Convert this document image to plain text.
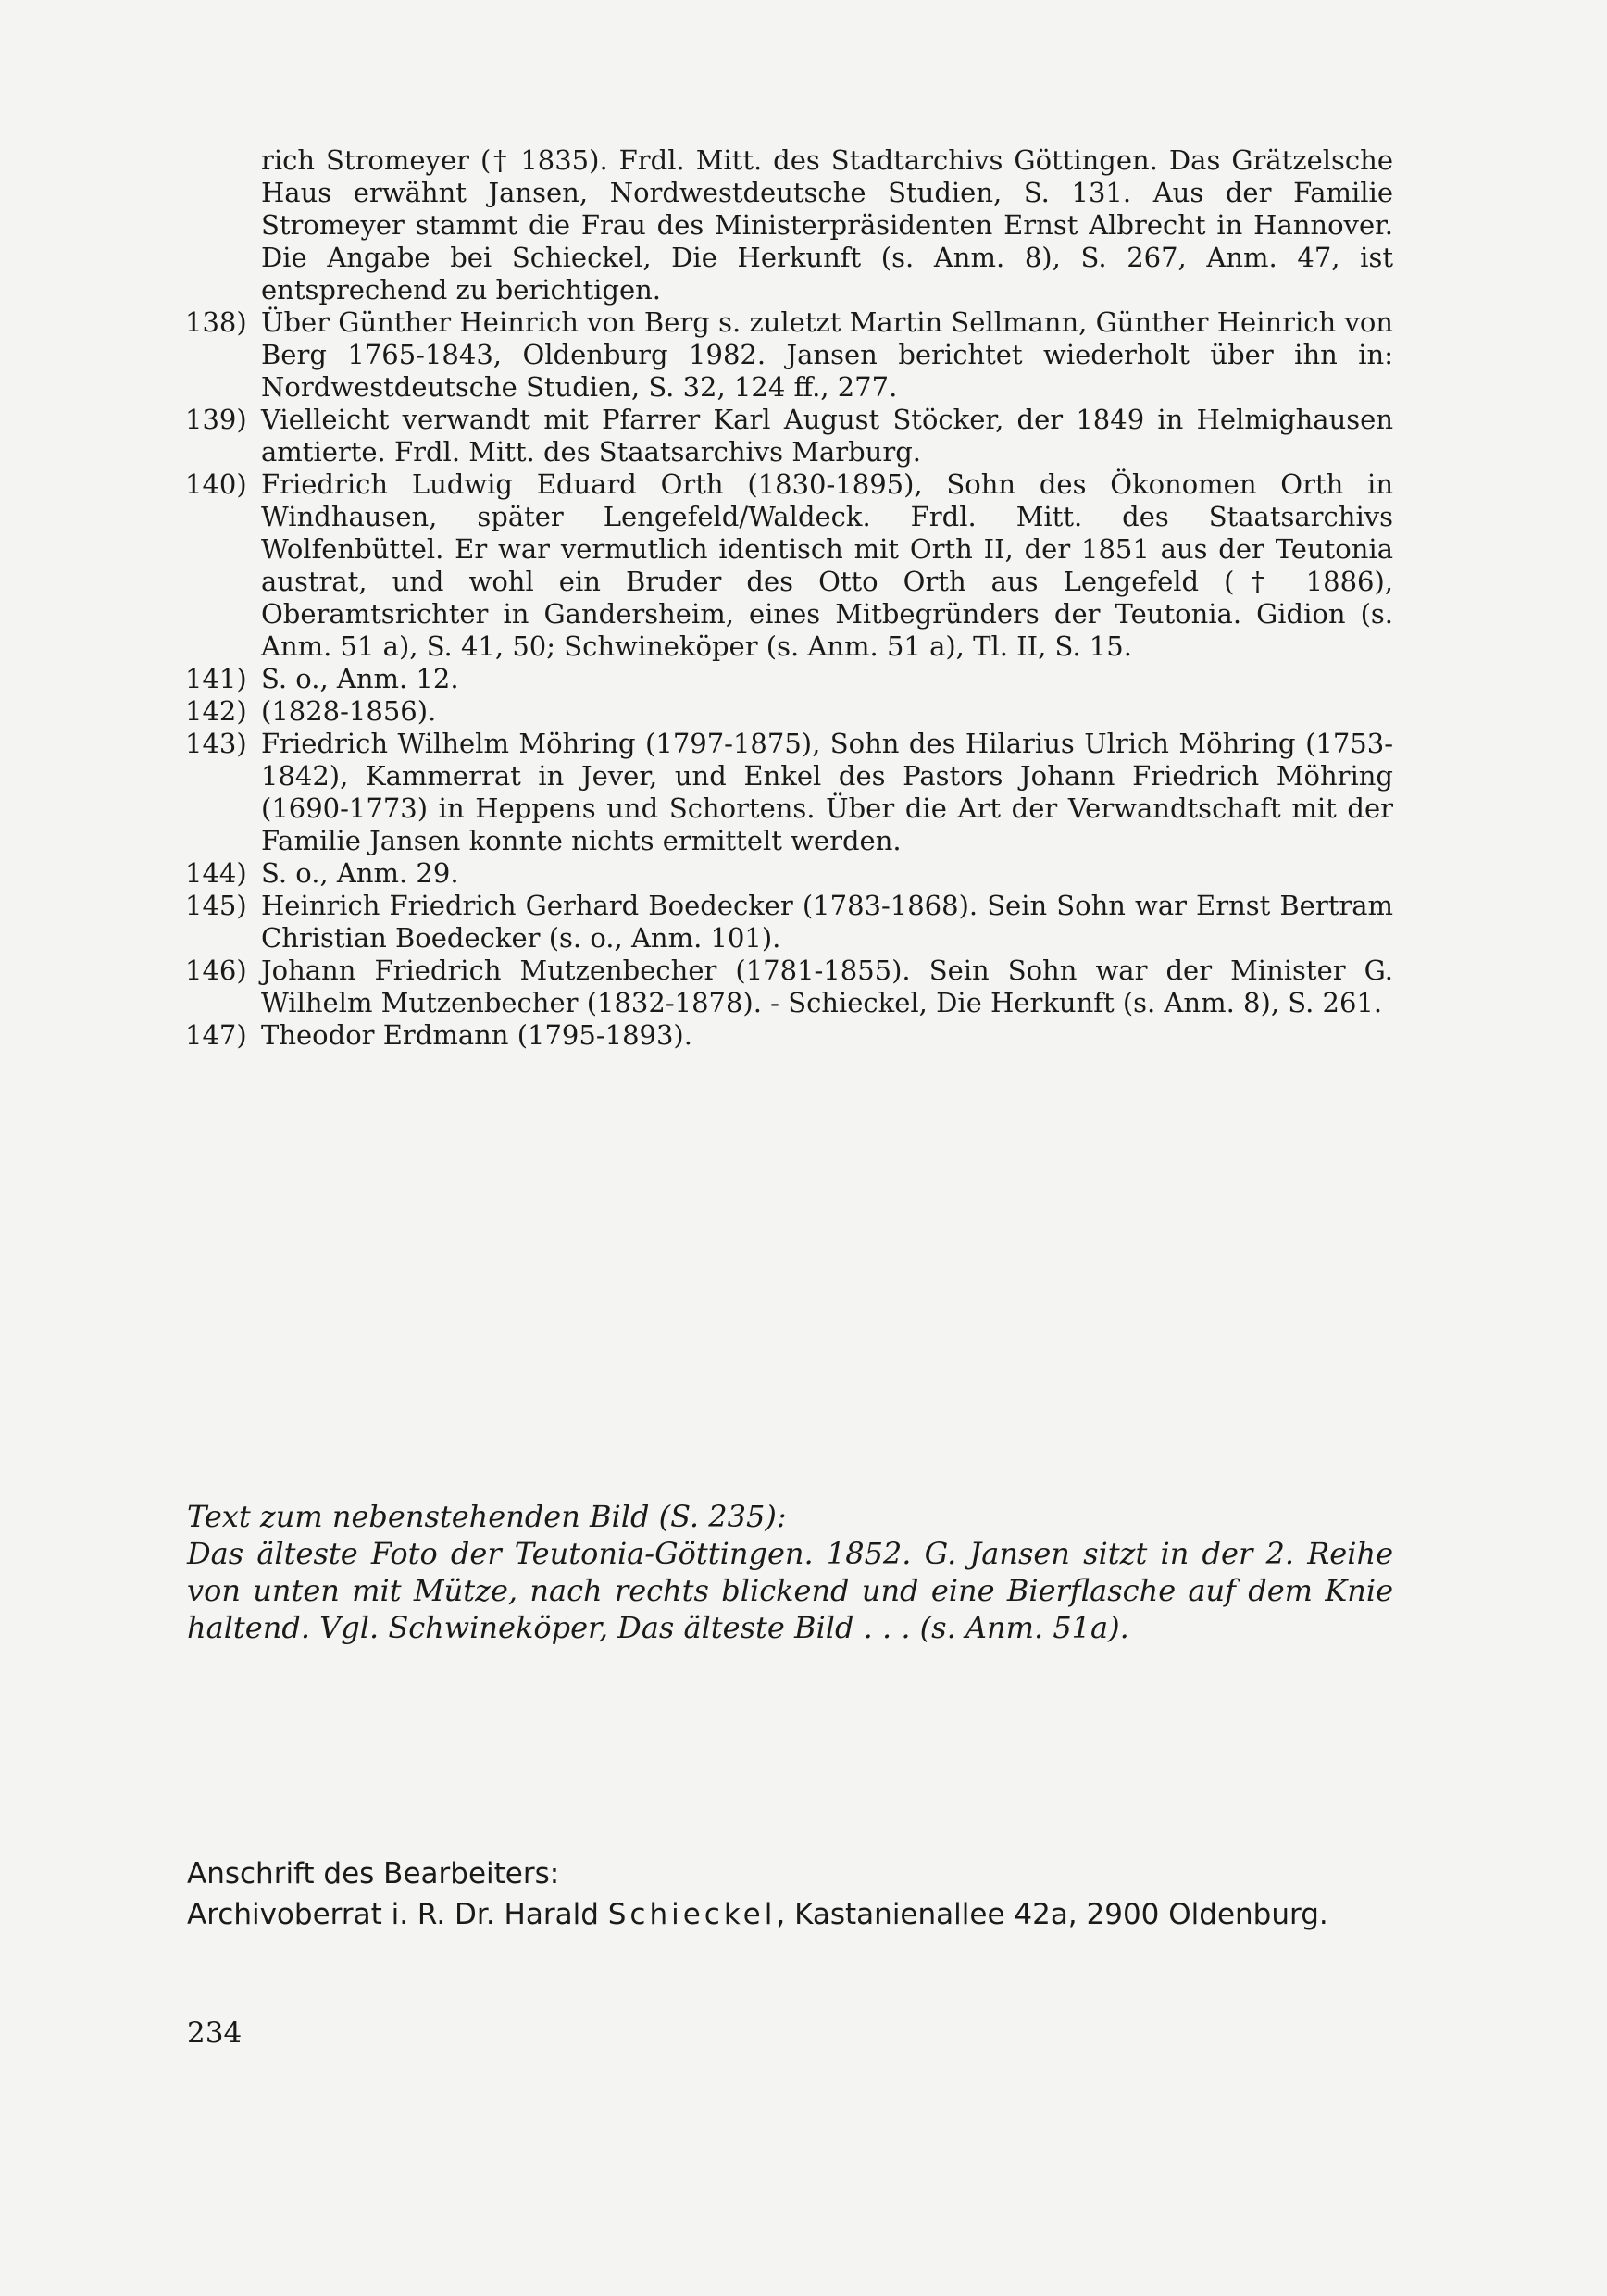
rich Stromeyer († 1835). Frdl. Mitt. des Stadtarchivs Göttingen. Das Grätzelsche Haus erwähnt Jansen, Nordwestdeutsche Studien, S. 131. Aus der Familie Stromeyer stammt die Frau des Ministerpräsidenten Ernst Albrecht in Hannover. Die Angabe bei Schieckel, Die Herkunft (s. Anm. 8), S. 267, Anm. 47, ist entsprechend zu berichtigen.

138) Über Günther Heinrich von Berg s. zuletzt Martin Sellmann, Günther Heinrich von Berg 1765-1843, Oldenburg 1982. Jansen berichtet wiederholt über ihn in: Nordwestdeutsche Studien, S. 32, 124 ff., 277.

139) Vielleicht verwandt mit Pfarrer Karl August Stöcker, der 1849 in Helmighausen amtierte. Frdl. Mitt. des Staatsarchivs Marburg.

140) Friedrich Ludwig Eduard Orth (1830-1895), Sohn des Ökonomen Orth in Windhausen, später Lengefeld/Waldeck. Frdl. Mitt. des Staatsarchivs Wolfenbüttel. Er war vermutlich identisch mit Orth II, der 1851 aus der Teutonia austrat, und wohl ein Bruder des Otto Orth aus Lengefeld († 1886), Oberamtsrichter in Gandersheim, eines Mitbegründers der Teutonia. Gidion (s. Anm. 51 a), S. 41, 50; Schwineköper (s. Anm. 51 a), Tl. II, S. 15.

141) S. o., Anm. 12.

142) (1828-1856).

143) Friedrich Wilhelm Möhring (1797-1875), Sohn des Hilarius Ulrich Möhring (1753-1842), Kammerrat in Jever, und Enkel des Pastors Johann Friedrich Möhring (1690-1773) in Heppens und Schortens. Über die Art der Verwandtschaft mit der Familie Jansen konnte nichts ermittelt werden.

144) S. o., Anm. 29.

145) Heinrich Friedrich Gerhard Boedecker (1783-1868). Sein Sohn war Ernst Bertram Christian Boedecker (s. o., Anm. 101).

146) Johann Friedrich Mutzenbecher (1781-1855). Sein Sohn war der Minister G. Wilhelm Mutzenbecher (1832-1878). - Schieckel, Die Herkunft (s. Anm. 8), S. 261.

147) Theodor Erdmann (1795-1893).

Text zum nebenstehenden Bild (S. 235):

Das älteste Foto der Teutonia-Göttingen. 1852. G. Jansen sitzt in der 2. Reihe von unten mit Mütze, nach rechts blickend und eine Bierflasche auf dem Knie haltend. Vgl. Schwineköper, Das älteste Bild . . . (s. Anm. 51a).

Anschrift des Bearbeiters:

Archivoberrat i. R. Dr. Harald Schieckel, Kastanienallee 42a, 2900 Oldenburg.

234
